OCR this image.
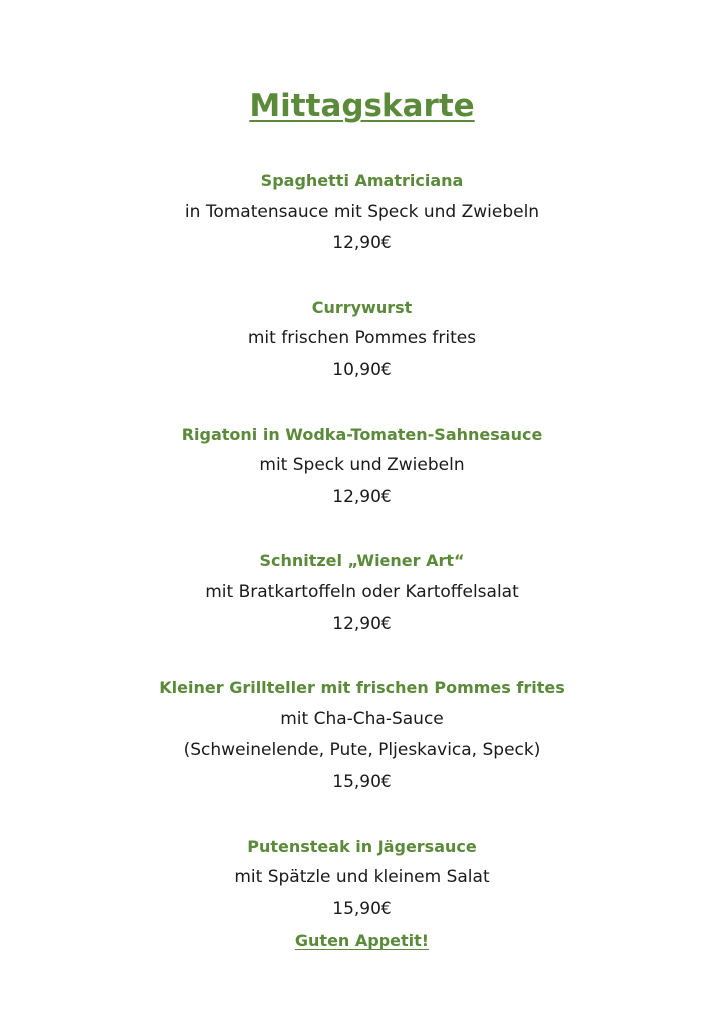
Mittagskarte
Spaghetti Amatriciana
in Tomatensauce mit Speck und Zwiebeln
12,90€
Currywurst
mit frischen Pommes frites
10,90€
Rigatoni in Wodka-Tomaten-Sahnesauce
mit Speck und Zwiebeln
12,90€
Schnitzel „Wiener Art“
mit Bratkartoffeln oder Kartoffelsalat
12,90€
Kleiner Grillteller mit frischen Pommes frites
mit Cha-Cha-Sauce
(Schweinelende, Pute, Pljeskavica, Speck)
15,90€
Putensteak in Jägersauce
mit Spätzle und kleinem Salat
15,90€
Guten Appetit!
